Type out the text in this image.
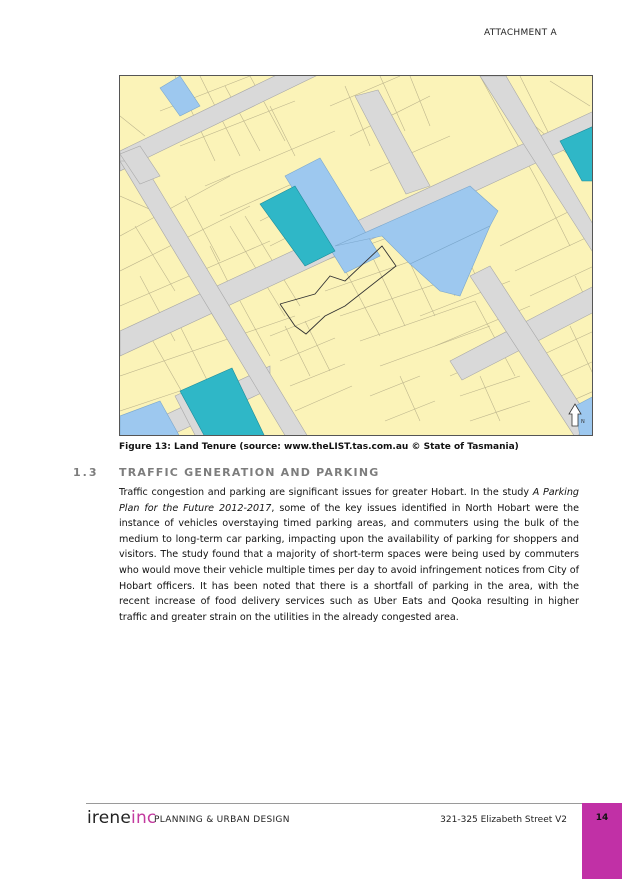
ATTACHMENT A
N
Figure 13: Land Tenure (source: www.theLIST.tas.com.au © State of Tasmania)
1.3 TRAFFIC GENERATION AND PARKING

Traffic congestion and parking are significant issues for greater Hobart. In the study A Parking Plan for the Future 2012-2017, some of the key issues identified in North Hobart were the instance of vehicles overstaying timed parking areas, and commuters using the bulk of the medium to long-term car parking, impacting upon the availability of parking for shoppers and visitors. The study found that a majority of short-term spaces were being used by commuters who would move their vehicle multiple times per day to avoid infringement notices from City of Hobart officers. It has been noted that there is a shortfall of parking in the area, with the recent increase of food delivery services such as Uber Eats and Qooka resulting in higher traffic and greater strain on the utilities in the already congested area.

ireneinc
PLANNING & URBAN DESIGN	321-325 Elizabeth Street V2	14
